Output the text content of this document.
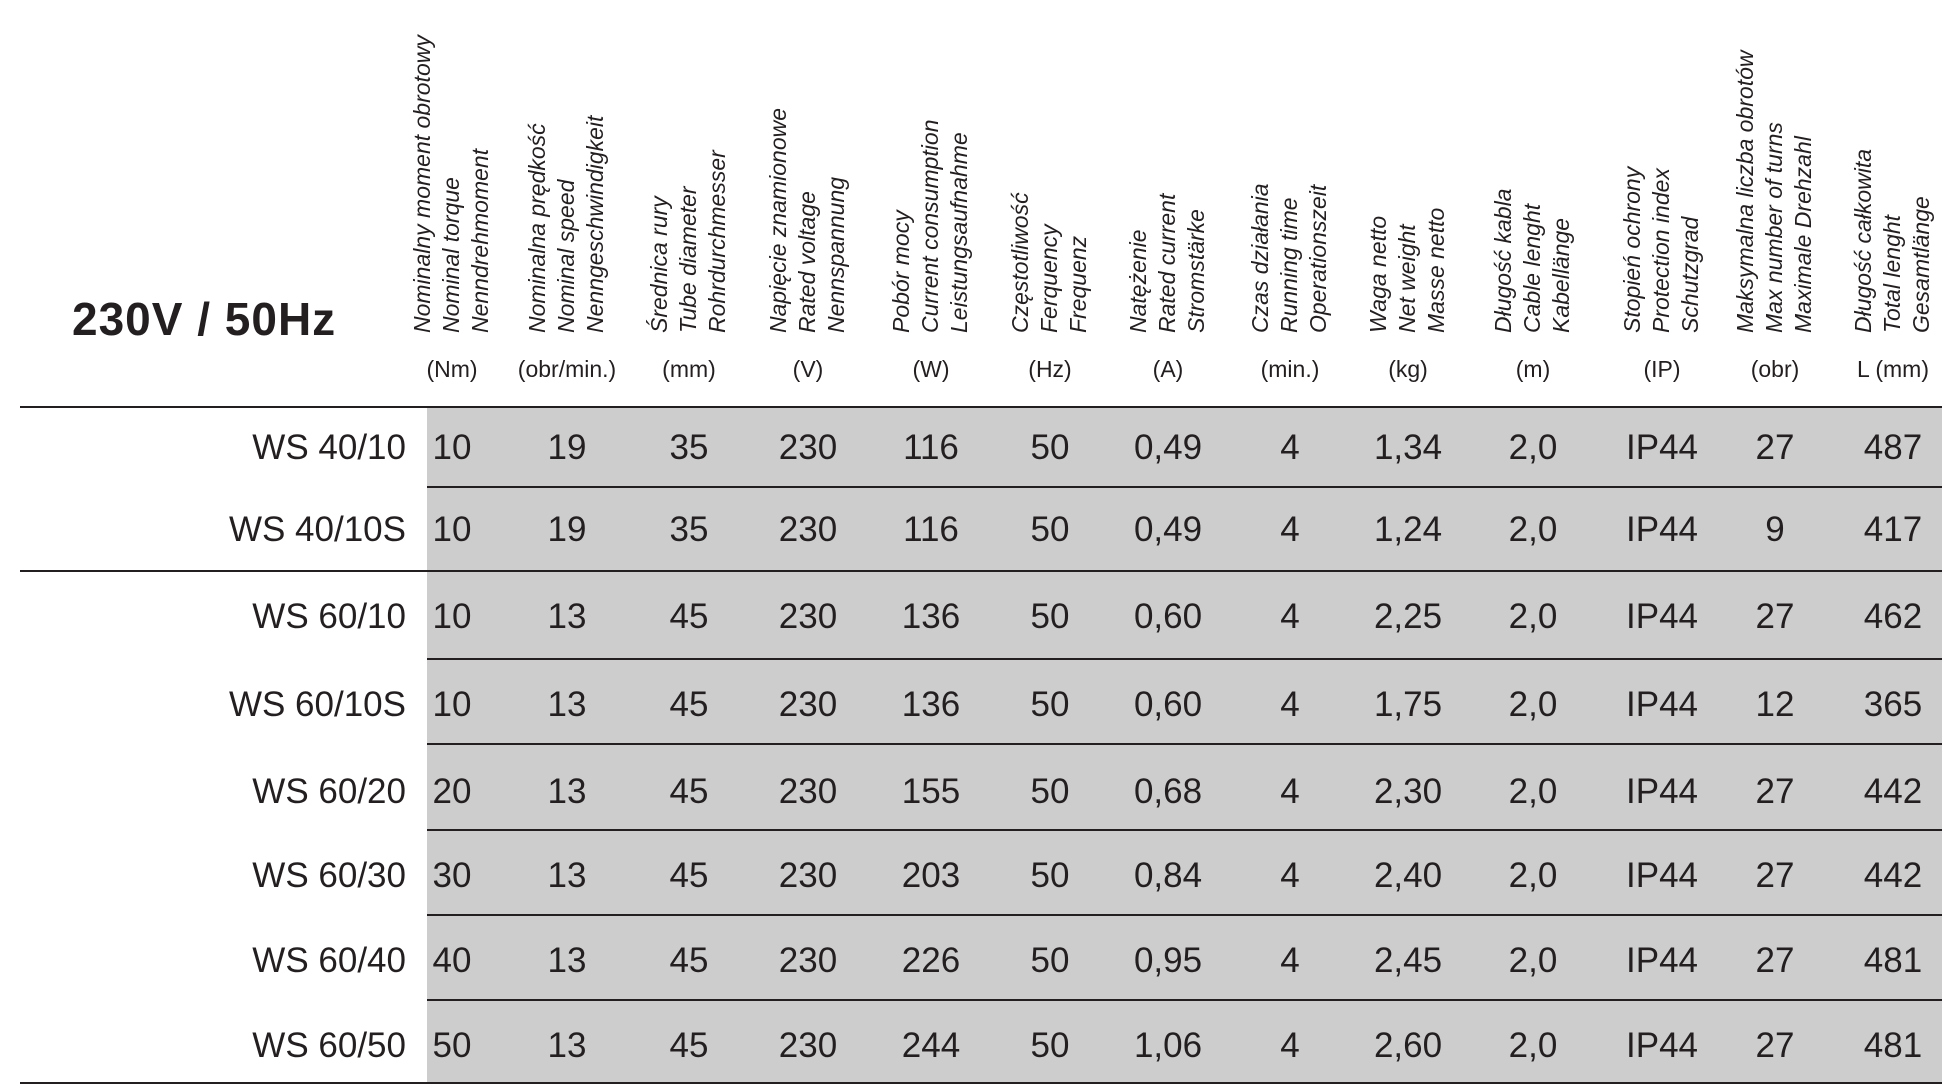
230V / 50Hz	Nominalny moment obrotowy Nominal torque Nenndrehmoment
(Nm)
Nominalna prędkość Nominal speed Nenngeschwindigkeit
(obr/min.)
Średnica rury Tube diameter Rohrdurchmesser
(mm)
Napięcie znamionowe Rated voltage Nennspannung
(V)
Pobór mocy Current consumption Leistungsaufnahme
(W)
Częstotliwość Ferquency Frequenz
(Hz)
Natężenie Rated current Stromstärke
(A)
Czas działania Running time Operationszeit
(min.)
Waga netto Net weight Masse netto
(kg)
Długość kabla Cable lenght Kabellänge
(m)
Stopień ochrony Protection index Schutzgrad
(IP)
Maksymalna liczba obrotów Max number of turns Maximale Drehzahl
(obr)
Długość całkowita Total lenght Gesamtlänge
L (mm)
WS 40/10 10 19 35 230 116 50 0,49 4 1,34 2,0 IP44 27 487
WS 40/10S 10 19 35 230 116 50 0,49 4 1,24 2,0 IP44 9 417
WS 60/10 10 13 45 230 136 50 0,60 4 2,25 2,0 IP44 27 462
WS 60/10S 10 13 45 230 136 50 0,60 4 1,75 2,0 IP44 12 365
WS 60/20 20 13 45 230 155 50 0,68 4 2,30 2,0 IP44 27 442
WS 60/30 30 13 45 230 203 50 0,84 4 2,40 2,0 IP44 27 442
WS 60/40 40 13 45 230 226 50 0,95 4 2,45 2,0 IP44 27 481
WS 60/50 50 13 45 230 244 50 1,06 4 2,60 2,0 IP44 27 481
